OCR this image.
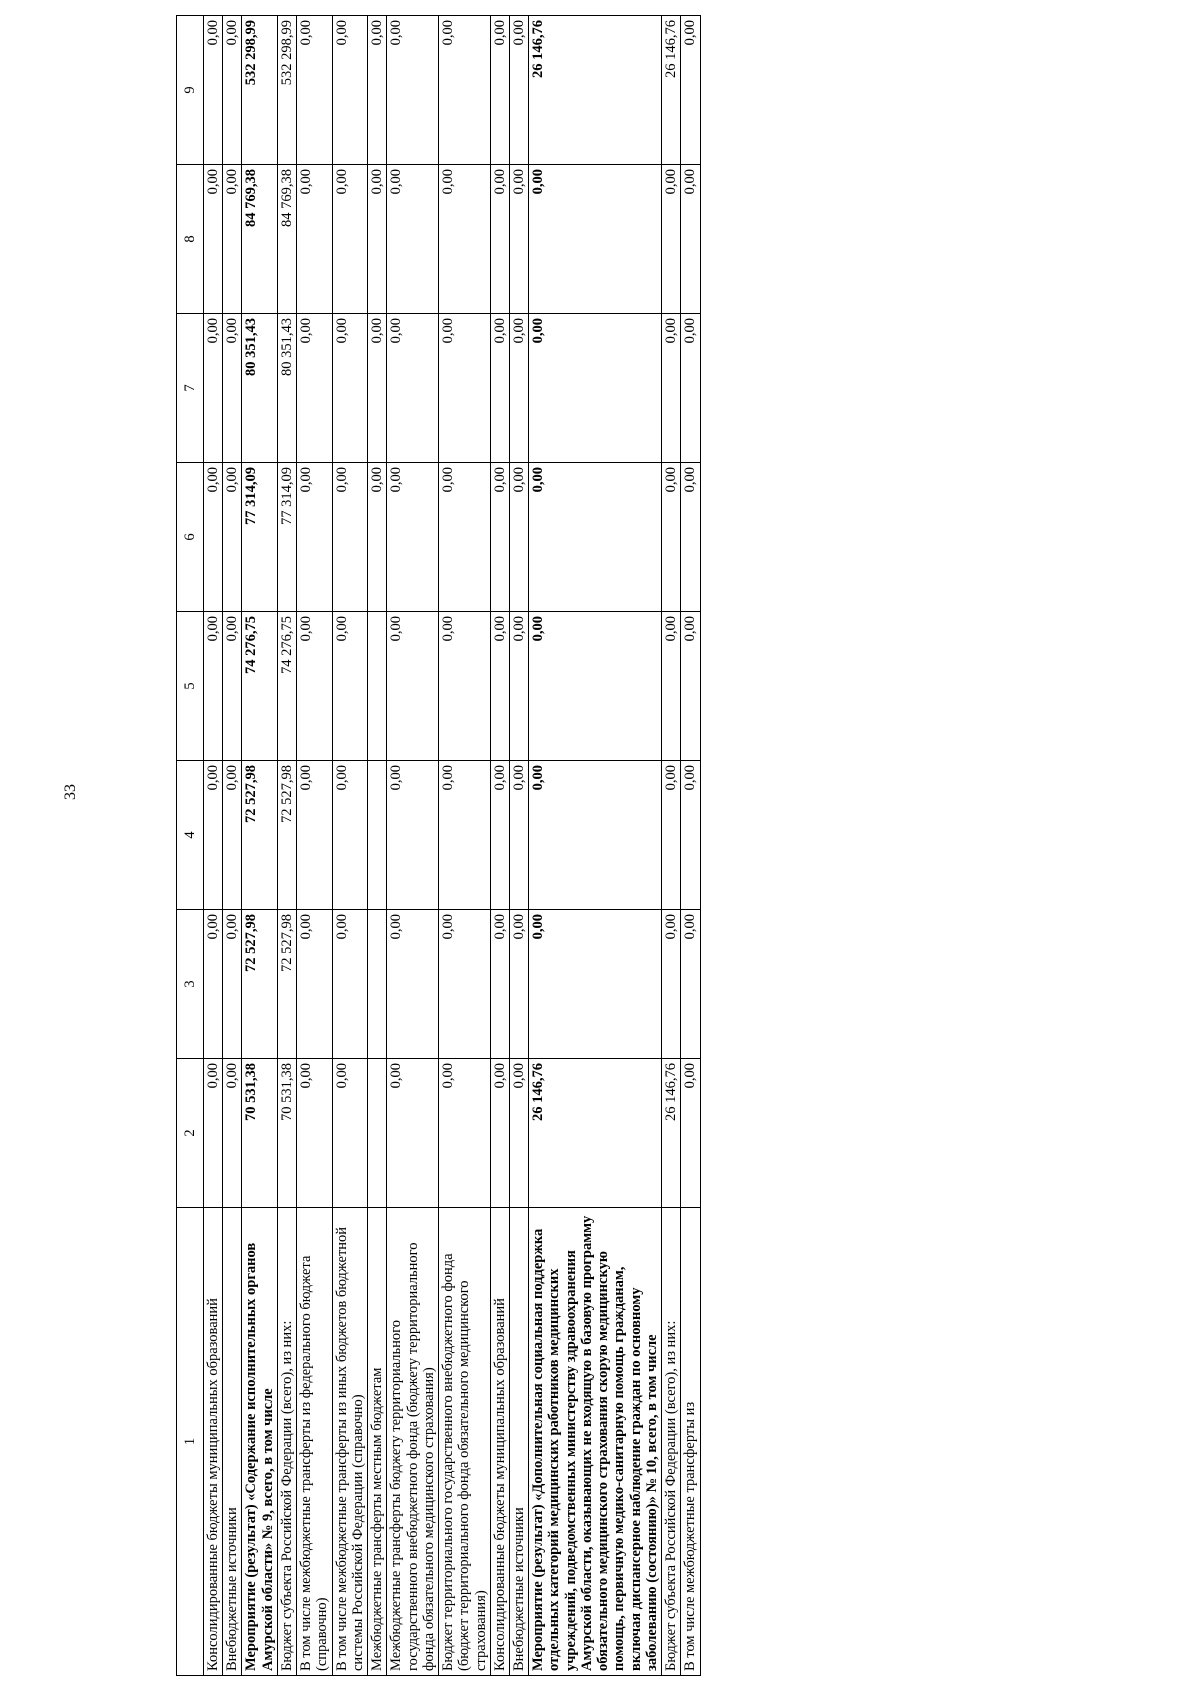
33
1	2	3	4	5	6	7	8	9
Консолидированные бюджеты муниципальных образований	0,00	0,00	0,00	0,00	0,00	0,00	0,00	0,00
Внебюджетные источники	0,00	0,00	0,00	0,00	0,00	0,00	0,00	0,00
Мероприятие (результат) «Содержание исполнительных органов Амурской области» № 9, всего, в том числе	70 531,38	72 527,98	72 527,98	74 276,75	77 314,09	80 351,43	84 769,38	532 298,99
Бюджет субъекта Российской Федерации (всего), из них:	70 531,38	72 527,98	72 527,98	74 276,75	77 314,09	80 351,43	84 769,38	532 298,99
В том числе межбюджетные трансферты из федерального бюджета (справочно)	0,00	0,00	0,00	0,00	0,00	0,00	0,00	0,00
В том числе межбюджетные трансферты из иных бюджетов бюджетной системы Российской Федерации (справочно)	0,00	0,00	0,00	0,00	0,00	0,00	0,00	0,00
Межбюджетные трансферты местным бюджетам					0,00	0,00	0,00	0,00
Межбюджетные трансферты бюджету территориального государственного внебюджетного фонда (бюджету территориального фонда обязательного медицинского страхования)	0,00	0,00	0,00	0,00	0,00	0,00	0,00	0,00
Бюджет территориального государственного внебюджетного фонда (бюджет территориального фонда обязательного медицинского страхования)	0,00	0,00	0,00	0,00	0,00	0,00	0,00	0,00
Консолидированные бюджеты муниципальных образований	0,00	0,00	0,00	0,00	0,00	0,00	0,00	0,00
Внебюджетные источники	0,00	0,00	0,00	0,00	0,00	0,00	0,00	0,00
Мероприятие (результат) «Дополнительная социальная поддержка отдельных категорий медицинских работников медицинских учреждений, подведомственных министерству здравоохранения Амурской области, оказывающих не входящую в базовую программу обязательного медицинского страхования скорую медицинскую помощь, первичную медико-санитарную помощь гражданам, включая диспансерное наблюдение граждан по основному заболеванию (состоянию)» № 10, всего, в том числе	26 146,76	0,00	0,00	0,00	0,00	0,00	0,00	26 146,76
Бюджет субъекта Российской Федерации (всего), из них:	26 146,76	0,00	0,00	0,00	0,00	0,00	0,00	26 146,76
В том числе межбюджетные трансферты из	0,00	0,00	0,00	0,00	0,00	0,00	0,00	0,00
